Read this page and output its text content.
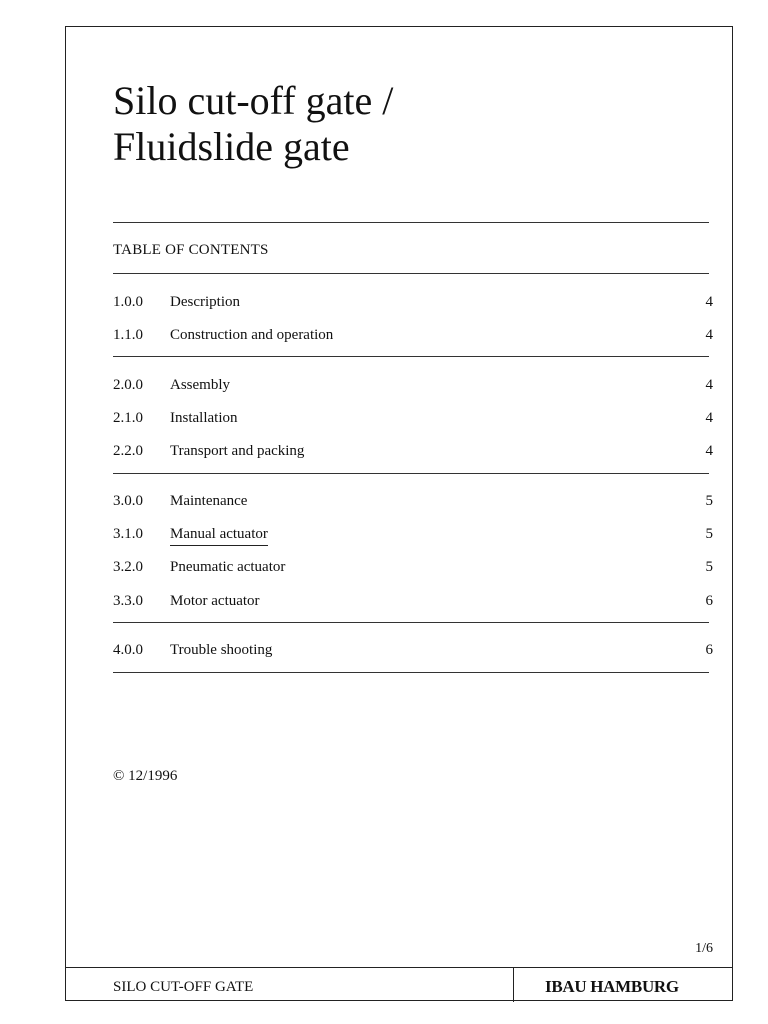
Silo cut-off gate /
Fluidslide gate
TABLE OF CONTENTS
1.0.0 Description	4
1.1.0 Construction and operation	4
2.0.0 Assembly	4
2.1.0 Installation	4
2.2.0 Transport and packing	4
3.0.0 Maintenance	5
3.1.0 Manual actuator	5
3.2.0 Pneumatic actuator	5
3.3.0 Motor actuator	6
4.0.0 Trouble shooting	6
© 12/1996
1/6
SILO CUT-OFF GATE	IBAU HAMBURG
